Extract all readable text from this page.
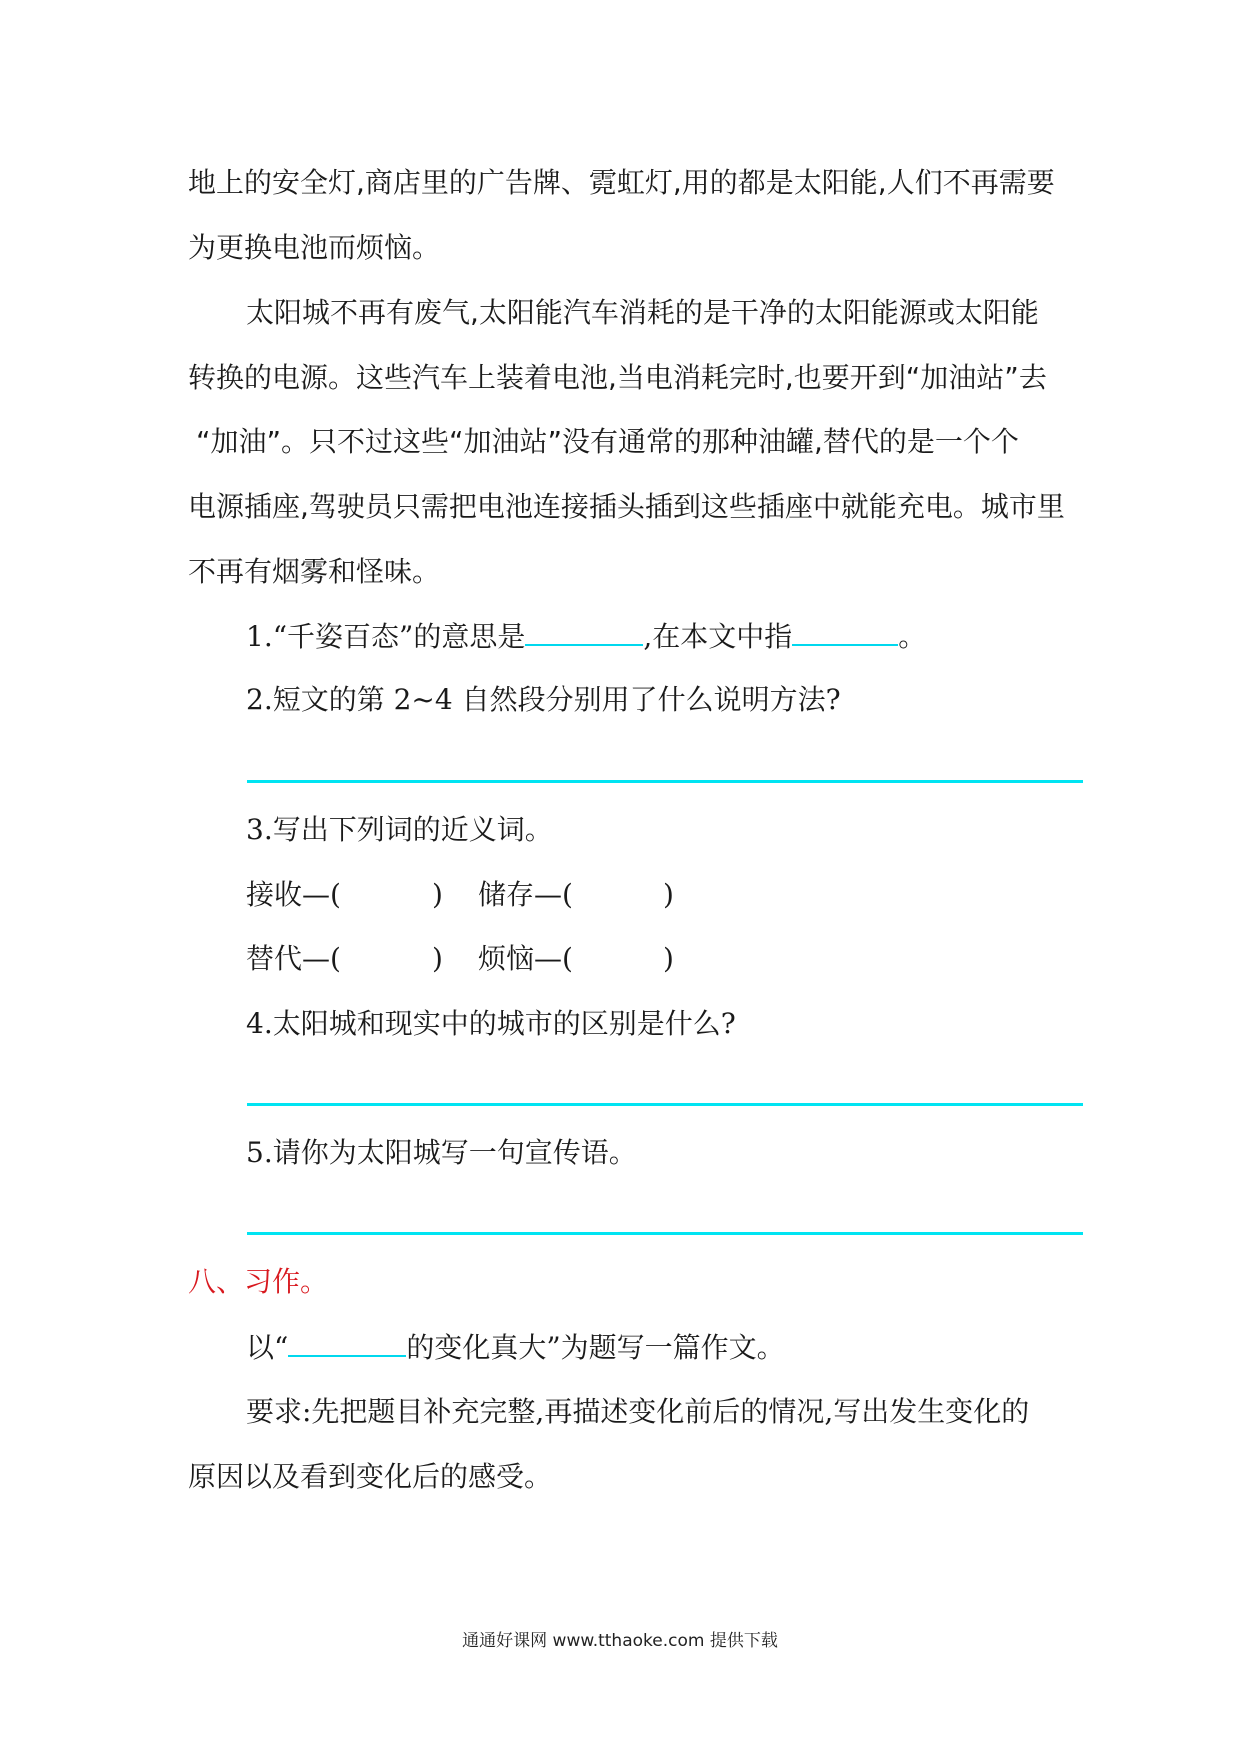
地上的安全灯,商店里的广告牌、霓虹灯,用的都是太阳能,人们不再需要
为更换电池而烦恼。
太阳城不再有废气,太阳能汽车消耗的是干净的太阳能源或太阳能
转换的电源。这些汽车上装着电池,当电消耗完时,也要开到“加油站”去
“加油”。只不过这些“加油站”没有通常的那种油罐,替代的是一个个
电源插座,驾驶员只需把电池连接插头插到这些插座中就能充电。城市里
不再有烟雾和怪味。
1.“千姿百态”的意思是	,在本文中指	。
2.短文的第 2~4 自然段分别用了什么说明方法?
3.写出下列词的近义词。
接收—(	) 储存—(	)
替代—(	) 烦恼—(	)
4.太阳城和现实中的城市的区别是什么?
5.请你为太阳城写一句宣传语。
八、习作。
以“	的变化真大”为题写一篇作文。
要求:先把题目补充完整,再描述变化前后的情况,写出发生变化的
原因以及看到变化后的感受。
通通好课网 www.tthaoke.com 提供下载
